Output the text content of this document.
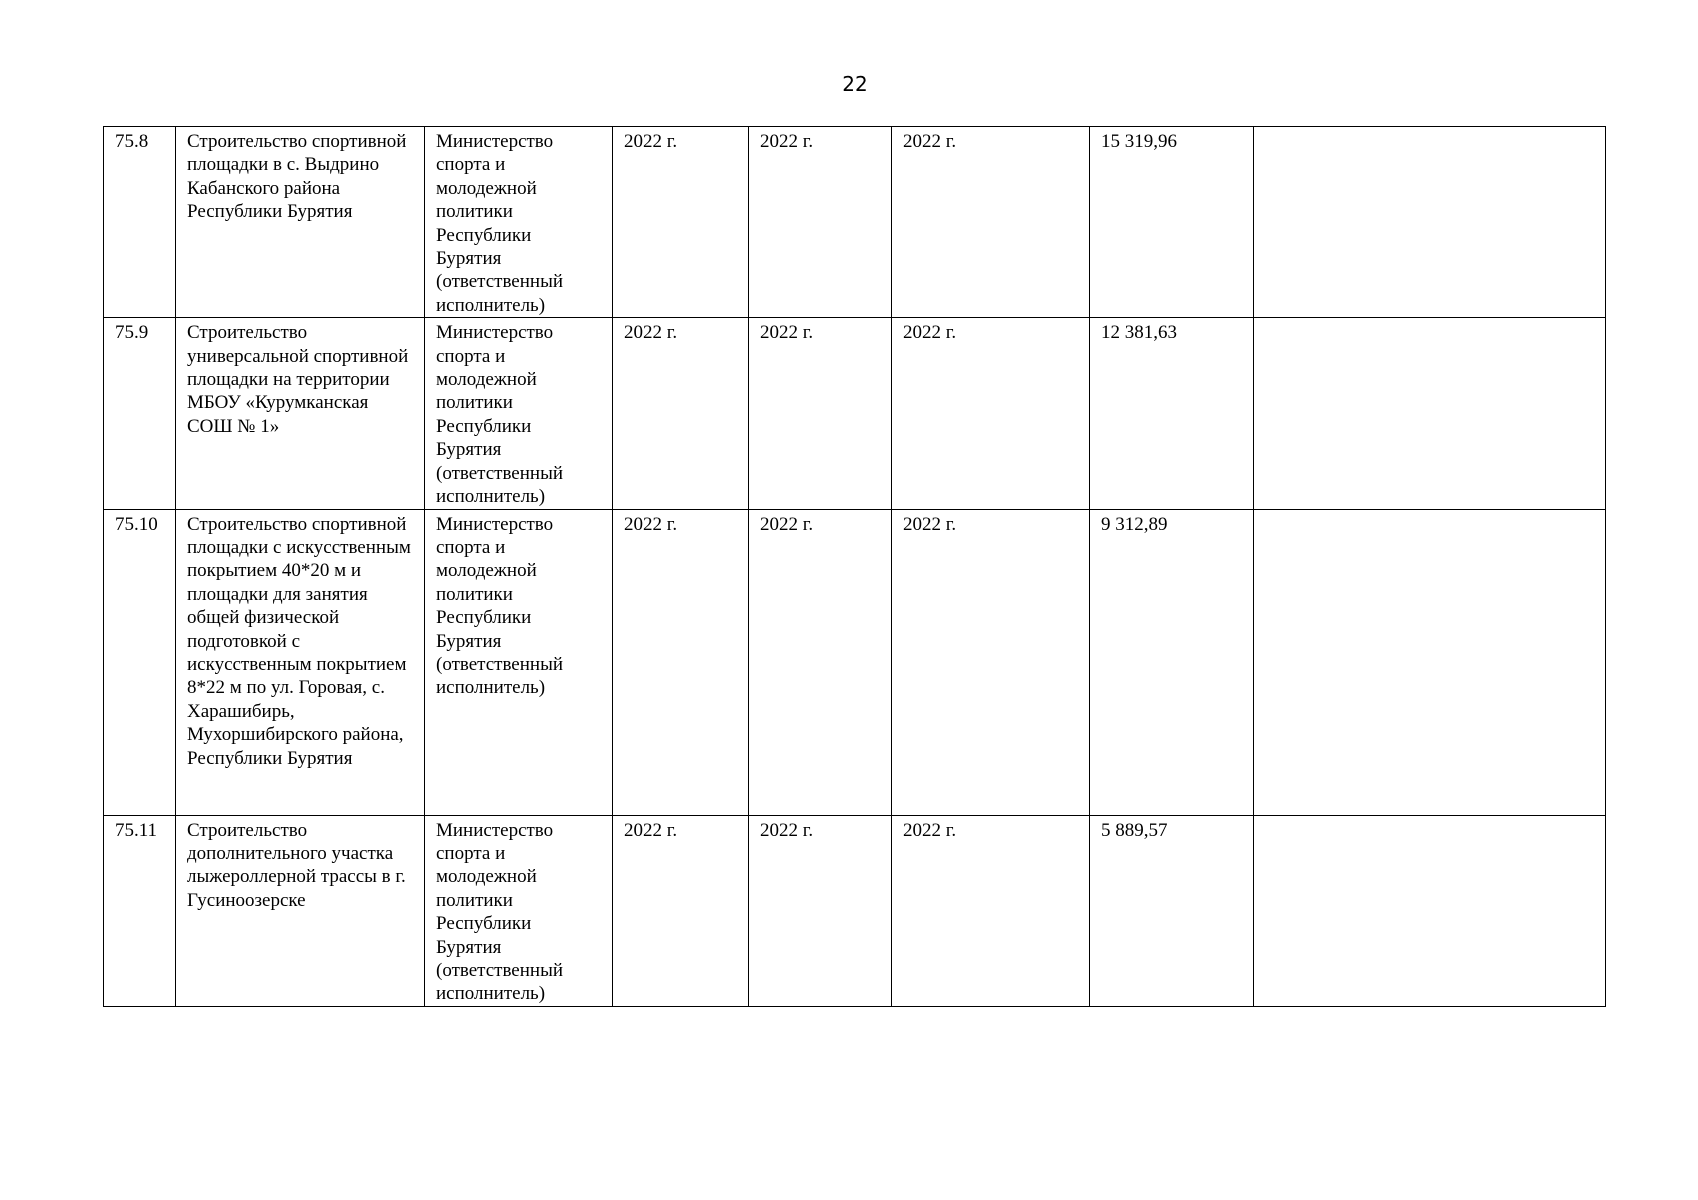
22
75.8	Строительство спортивной площадки в с. Выдрино Кабанского района Республики Бурятия	Министерство спорта и молодежной политики Республики Бурятия (ответственный исполнитель)	2022 г.	2022 г.	2022 г.	15 319,96	
75.9	Строительство универсальной спортивной площадки на территории МБОУ «Курумканская СОШ № 1»	Министерство спорта и молодежной политики Республики Бурятия (ответственный исполнитель)	2022 г.	2022 г.	2022 г.	12 381,63	
75.10	Строительство спортивной площадки с искусственным покрытием 40*20 м и площадки для занятия общей физической подготовкой с искусственным покрытием 8*22 м по ул. Горовая, с. Харашибирь, Мухоршибирского района, Республики Бурятия	Министерство спорта и молодежной политики Республики Бурятия (ответственный исполнитель)	2022 г.	2022 г.	2022 г.	9 312,89	
75.11	Строительство дополнительного участка лыжероллерной трассы в г. Гусиноозерске	Министерство спорта и молодежной политики Республики Бурятия (ответственный исполнитель)	2022 г.	2022 г.	2022 г.	5 889,57	
